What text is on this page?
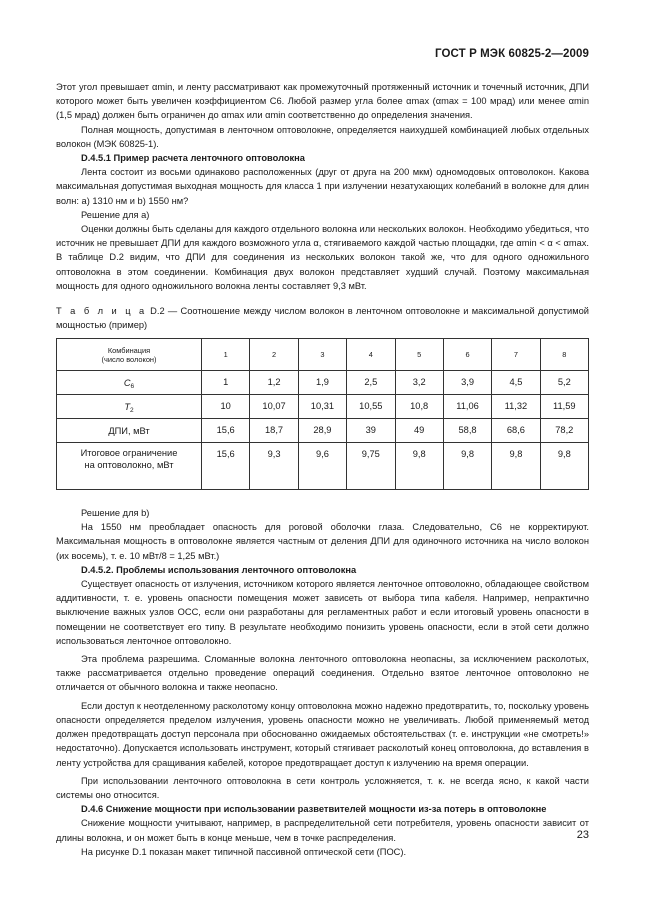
ГОСТ Р МЭК 60825-2—2009

Этот угол превышает αmin, и ленту рассматривают как промежуточный протяженный источник и точечный источник, ДПИ которого может быть увеличен коэффициентом C6. Любой размер угла более αmax (αmax = 100 мрад) или менее αmin (1,5 мрад) должен быть ограничен до αmax или αmin соответственно до определения значения.

Полная мощность, допустимая в ленточном оптоволокне, определяется наихудшей комбинацией любых отдельных волокон (МЭК 60825-1).

D.4.5.1 Пример расчета ленточного оптоволокна

Лента состоит из восьми одинаково расположенных (друг от друга на 200 мкм) одномодовых оптоволокон. Какова максимальная допустимая выходная мощность для класса 1 при излучении незатухающих колебаний в волокне для длин волн: а) 1310 нм и b) 1550 нм?

Решение для а)

Оценки должны быть сделаны для каждого отдельного волокна или нескольких волокон. Необходимо убедиться, что источник не превышает ДПИ для каждого возможного угла α, стягиваемого каждой частью площадки, где αmin < α < αmax. В таблице D.2 видим, что ДПИ для соединения из нескольких волокон такой же, что для одного одножильного оптоволокна в этом соединении. Комбинация двух волокон представляет худший случай. Поэтому максимальная мощность для одного одножильного волокна ленты составляет 9,3 мВт.

Т а б л и ц а D.2 — Соотношение между числом волокон в ленточном оптоволокне и максимальной допустимой мощностью (пример)

Комбинация
(число волокон)	1	2	3	4	5	6	7	8
$C_6$	1	1,2	1,9	2,5	3,2	3,9	4,5	5,2
$T_2$	10	10,07	10,31	10,55	10,8	11,06	11,32	11,59
ДПИ, мВт	15,6	18,7	28,9	39	49	58,8	68,6	78,2
Итоговое ограничение
на оптоволокно, мВт	15,6	9,3	9,6	9,75	9,8	9,8	9,8	9,8

Решение для b)

На 1550 нм преобладает опасность для роговой оболочки глаза. Следовательно, C6 не корректируют. Максимальная мощность в оптоволокне является частным от деления ДПИ для одиночного источника на число волокон (их восемь), т. е. 10 мВт/8 = 1,25 мВт.)

D.4.5.2. Проблемы использования ленточного оптоволокна

Существует опасность от излучения, источником которого является ленточное оптоволокно, обладающее свойством аддитивности, т. е. уровень опасности помещения может зависеть от выбора типа кабеля. Например, непрактично выключение важных узлов ОСС, если они разработаны для регламентных работ и если итоговый уровень опасности в помещении не соответствует его типу. В результате необходимо понизить уровень опасности, если в этой сети должно использоваться ленточное оптоволокно.

Эта проблема разрешима. Сломанные волокна ленточного оптоволокна неопасны, за исключением расколотых, также рассматривается отдельно проведение операций соединения. Отдельно взятое ленточное оптоволокно не отличается от обычного волокна и также неопасно.

Если доступ к неотделенному расколотому концу оптоволокна можно надежно предотвратить, то, поскольку уровень опасности определяется пределом излучения, уровень опасности можно не увеличивать. Любой применяемый метод должен предотвращать доступ персонала при обоснованно ожидаемых обстоятельствах (т. е. инструкции «не смотреть!» недостаточно). Допускается использовать инструмент, который стягивает расколотый конец оптоволокна, до вставления в ленту устройства для сращивания кабелей, которое предотвращает доступ к излучению на время операции.

При использовании ленточного оптоволокна в сети контроль усложняется, т. к. не всегда ясно, к какой части системы оно относится.

D.4.6 Снижение мощности при использовании разветвителей мощности из-за потерь в оптоволокне

Снижение мощности учитывают, например, в распределительной сети потребителя, уровень опасности зависит от длины волокна, и он может быть в конце меньше, чем в точке распределения.

На рисунке D.1 показан макет типичной пассивной оптической сети (ПОС).

23
